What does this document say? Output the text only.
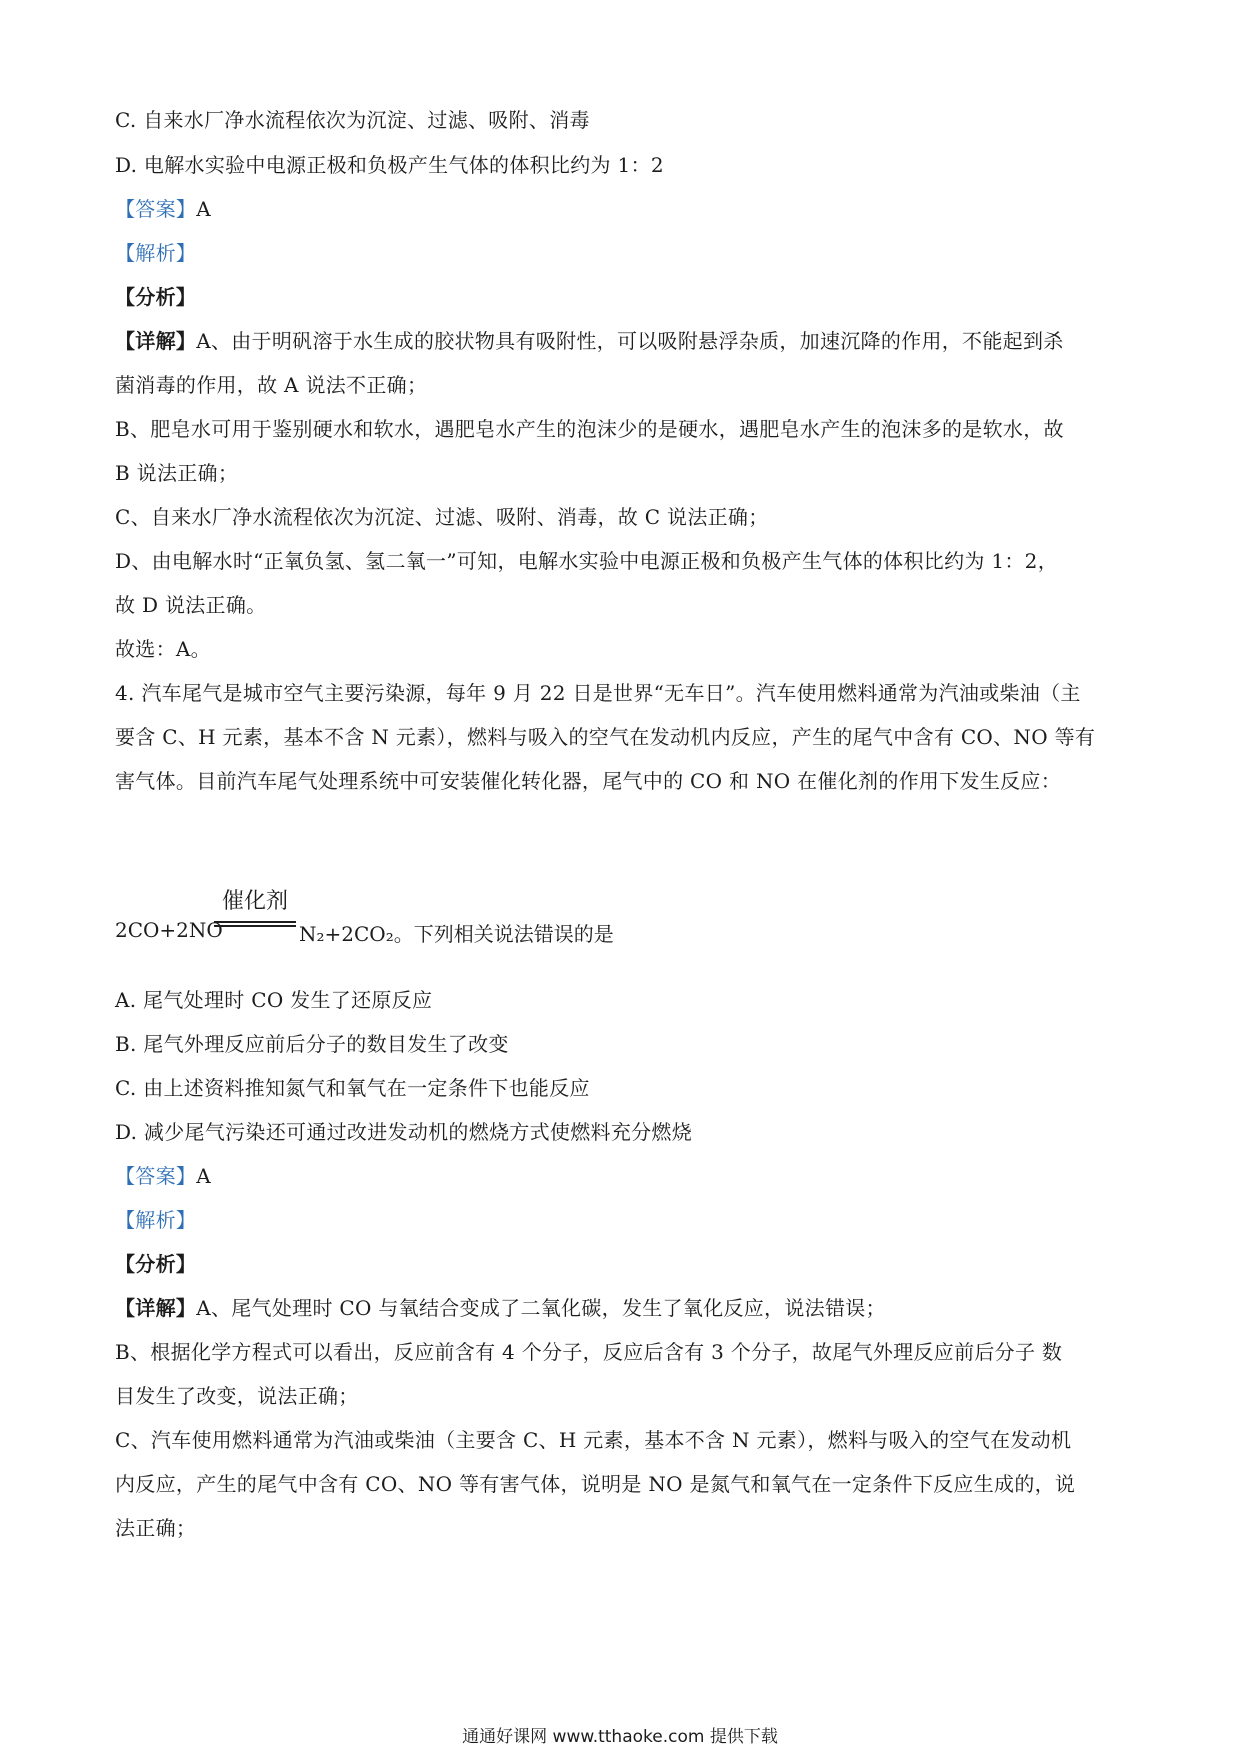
C. 自来水厂净水流程依次为沉淀、过滤、吸附、消毒
D. 电解水实验中电源正极和负极产生气体的体积比约为 1：2
【答案】A
【解析】
【分析】
【详解】A、由于明矾溶于水生成的胶状物具有吸附性，可以吸附悬浮杂质，加速沉降的作用，不能起到杀
菌消毒的作用，故 A 说法不正确；
B、肥皂水可用于鉴别硬水和软水，遇肥皂水产生的泡沫少的是硬水，遇肥皂水产生的泡沫多的是软水，故
B 说法正确；
C、自来水厂净水流程依次为沉淀、过滤、吸附、消毒，故 C 说法正确；
D、由电解水时“正氧负氢、氢二氧一”可知，电解水实验中电源正极和负极产生气体的体积比约为 1：2，
故 D 说法正确。
故选：A。
4. 汽车尾气是城市空气主要污染源，每年 9 月 22 日是世界“无车日”。汽车使用燃料通常为汽油或柴油（主
要含 C、H 元素，基本不含 N 元素），燃料与吸入的空气在发动机内反应，产生的尾气中含有 CO、NO 等有
害气体。目前汽车尾气处理系统中可安装催化转化器，尾气中的 CO 和 NO 在催化剂的作用下发生反应：
2CO+2NO
催化剂
N₂+2CO₂。下列相关说法错误的是
A. 尾气处理时 CO 发生了还原反应
B. 尾气外理反应前后分子的数目发生了改变
C. 由上述资料推知氮气和氧气在一定条件下也能反应
D. 减少尾气污染还可通过改进发动机的燃烧方式使燃料充分燃烧
【答案】A
【解析】
【分析】
【详解】A、尾气处理时 CO 与氧结合变成了二氧化碳，发生了氧化反应，说法错误；
B、根据化学方程式可以看出，反应前含有 4 个分子，反应后含有 3 个分子，故尾气外理反应前后分子 数
目发生了改变，说法正确；
C、汽车使用燃料通常为汽油或柴油（主要含 C、H 元素，基本不含 N 元素），燃料与吸入的空气在发动机
内反应，产生的尾气中含有 CO、NO 等有害气体，说明是 NO 是氮气和氧气在一定条件下反应生成的，说
法正确；
通通好课网 www.tthaoke.com 提供下载
